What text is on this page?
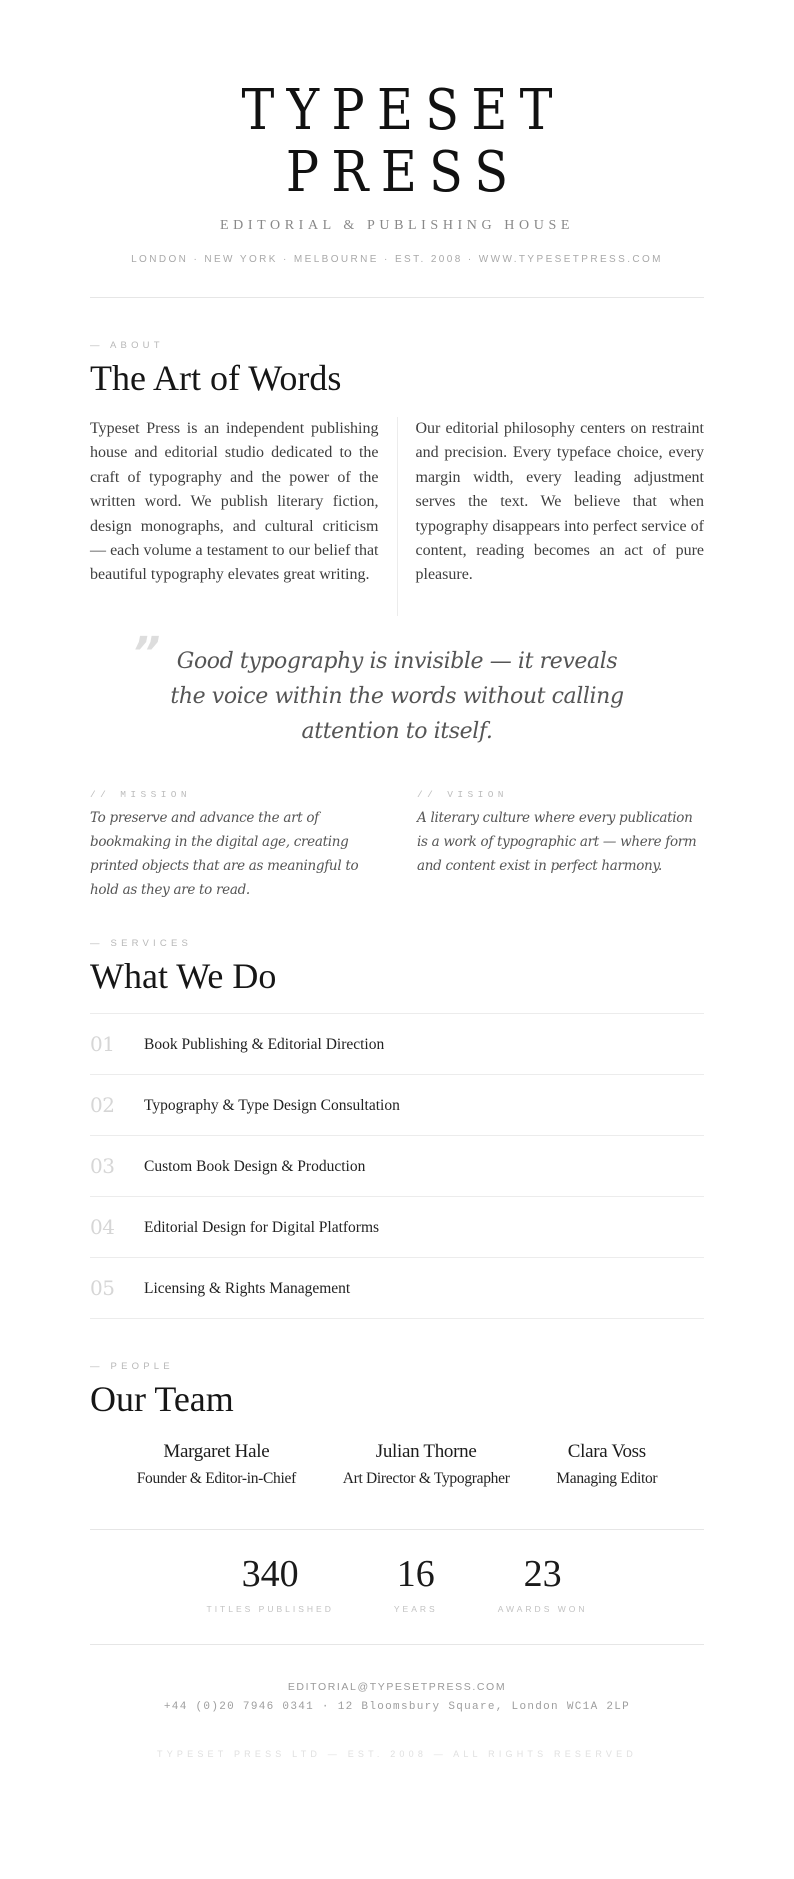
TYPESET
PRESS
EDITORIAL & PUBLISHING HOUSE
LONDON · NEW YORK · MELBOURNE · EST. 2008 · WWW.TYPESETPRESS.COM
— ABOUT
The Art of Words

Typeset Press is an independent publishing house and editorial studio dedicated to the craft of typography and the power of the written word. We publish literary fiction, design monographs, and cultural criticism — each volume a testament to our belief that beautiful typography elevates great writing.

Our editorial philosophy centers on restraint and precision. Every typeface choice, every margin width, every leading adjustment serves the text. We believe that when typography disappears into perfect service of content, reading becomes an act of pure pleasure.

” Good typography is invisible — it reveals the voice within the words without calling attention to itself.

// MISSION

To preserve and advance the art of bookmaking in the digital age, creating printed objects that are as meaningful to hold as they are to read.

// VISION

A literary culture where every publication is a work of typographic art — where form and content exist in perfect harmony.

— SERVICES
What We Do
01	Book Publishing & Editorial Direction
02	Typography & Type Design Consultation
03	Custom Book Design & Production
04	Editorial Design for Digital Platforms
05	Licensing & Rights Management
— PEOPLE
Our Team
Margaret Hale
Founder & Editor-in-Chief
Julian Thorne
Art Director & Typographer
Clara Voss
Managing Editor
340
TITLES PUBLISHED
16
YEARS
23
AWARDS WON
EDITORIAL@TYPESETPRESS.COM
+44 (0)20 7946 0341 · 12 Bloomsbury Square, London WC1A 2LP
TYPESET PRESS LTD — EST. 2008 — ALL RIGHTS RESERVED
